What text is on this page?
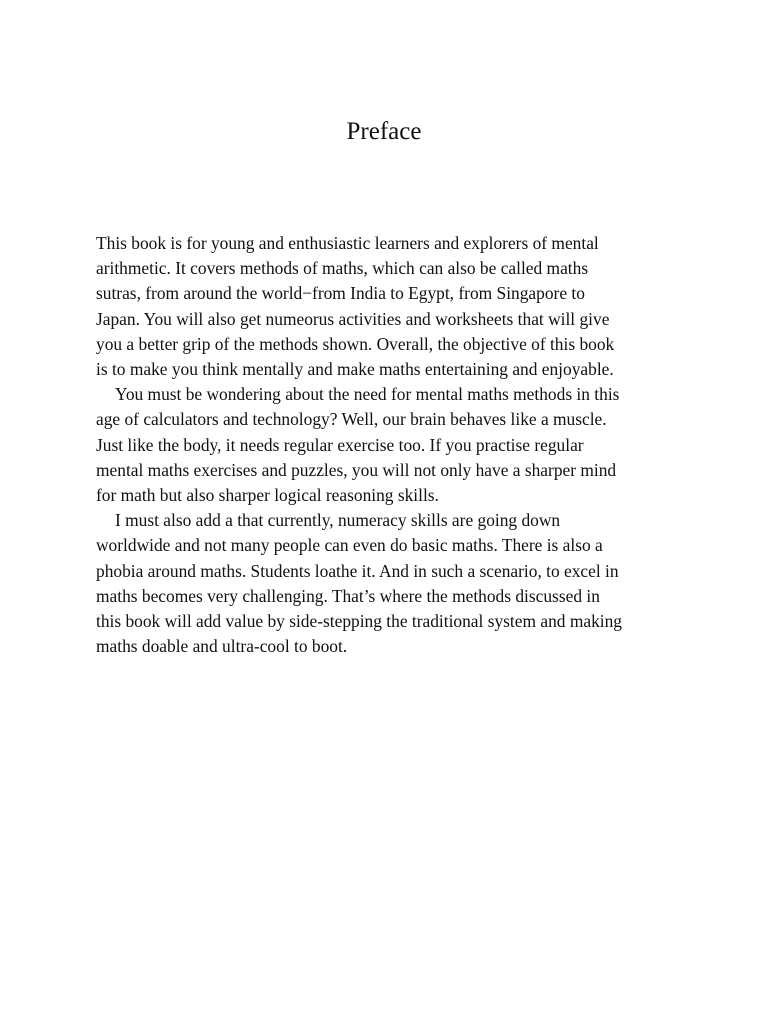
Preface

This book is for young and enthusiastic learners and explorers of mental
arithmetic. It covers methods of maths, which can also be called maths
sutras, from around the world−from India to Egypt, from Singapore to
Japan. You will also get numeorus activities and worksheets that will give
you a better grip of the methods shown. Overall, the objective of this book
is to make you think mentally and make maths entertaining and enjoyable.

You must be wondering about the need for mental maths methods in this
age of calculators and technology? Well, our brain behaves like a muscle.
Just like the body, it needs regular exercise too. If you practise regular
mental maths exercises and puzzles, you will not only have a sharper mind
for math but also sharper logical reasoning skills.

I must also add a that currently, numeracy skills are going down
worldwide and not many people can even do basic maths. There is also a
phobia around maths. Students loathe it. And in such a scenario, to excel in
maths becomes very challenging. That’s where the methods discussed in
this book will add value by side-stepping the traditional system and making
maths doable and ultra-cool to boot.
